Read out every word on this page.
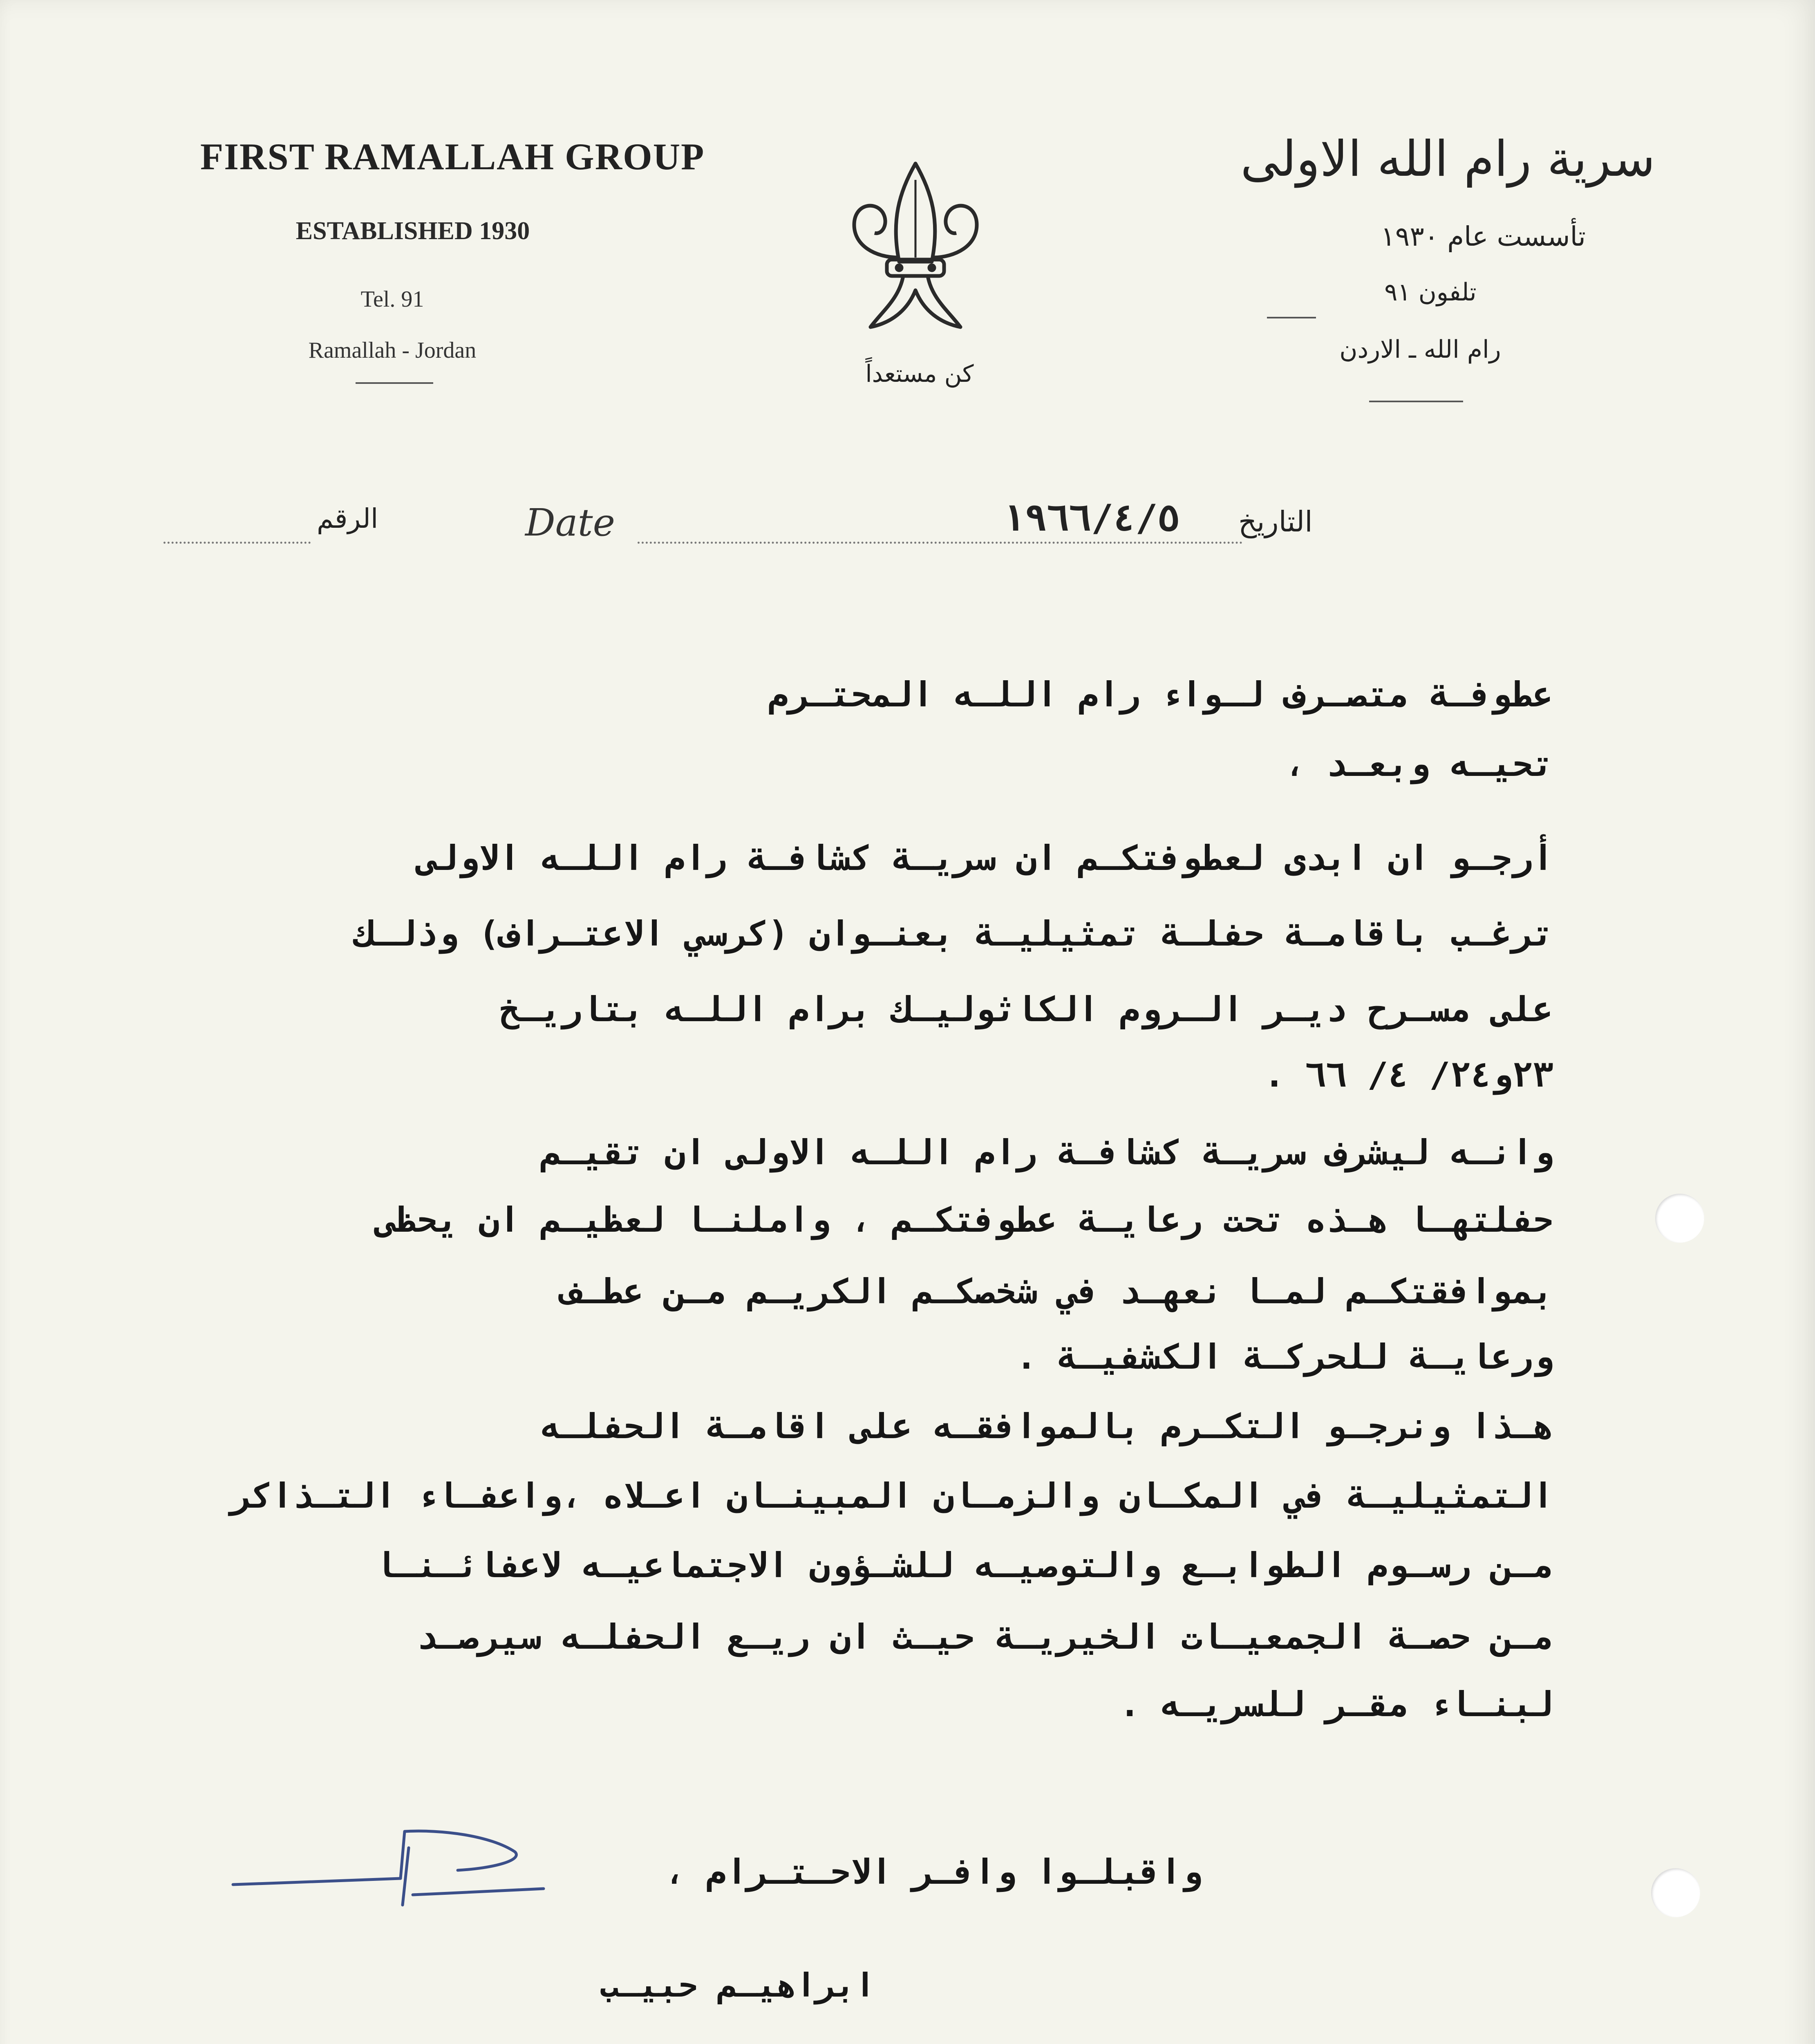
FIRST RAMALLAH GROUP
ESTABLISHED 1930
Tel. 91
Ramallah - Jordan
كن مستعداً
سرية رام الله الاولى
تأسست عام ١٩٣٠
تلفون ٩١
رام الله ـ الاردن
الرقم	Date	١٩٦٦/٤/٥	التاريخ
عطوفـة متصـرف لـواء رام اللـه المحتـرم
تحيـه وبعـد ،
أرجـو ان ابدى لعطوفتكـم ان سريـة كشافـة رام اللـه الاولى
ترغـب باقامـة حفلـة تمثيليـة بعنـوان (كرسي الاعتـراف) وذلـك
على مسـرح ديـر الـروم الكاثوليـك برام اللـه بتاريـخ
٢٣و٢٤/ ٤/ ٦٦ .
وانـه ليشرف سريـة كشافـة رام اللـه الاولى ان تقيـم
حفلتهـا هـذه تحت رعايـة عطوفتكـم ، واملنـا لعظيـم ان يحظى
بموافقتكـم لمـا نعهـد في شخصكـم الكريـم مـن عطـف
ورعايـة للحركـة الكشفيـة .
هـذا ونرجـو التكـرم بالموافقـه على اقامـة الحفلـه
التمثيليـة في المكـان والزمـان المبينـان اعـلاه ،واعفـاء التـذاكر
مـن رسـوم الطوابـع والتوصيـه للشـؤون الاجتماعيـه لاعفائـنـا
مـن حصـة الجمعيـات الخيريـة حيـث ان ريـع الحفلـه سيرصـد
لبنـاء مقـر للسريـه .
واقبلـوا وافـر الاحـتـرام ،
ابراهيـم حبيـب
